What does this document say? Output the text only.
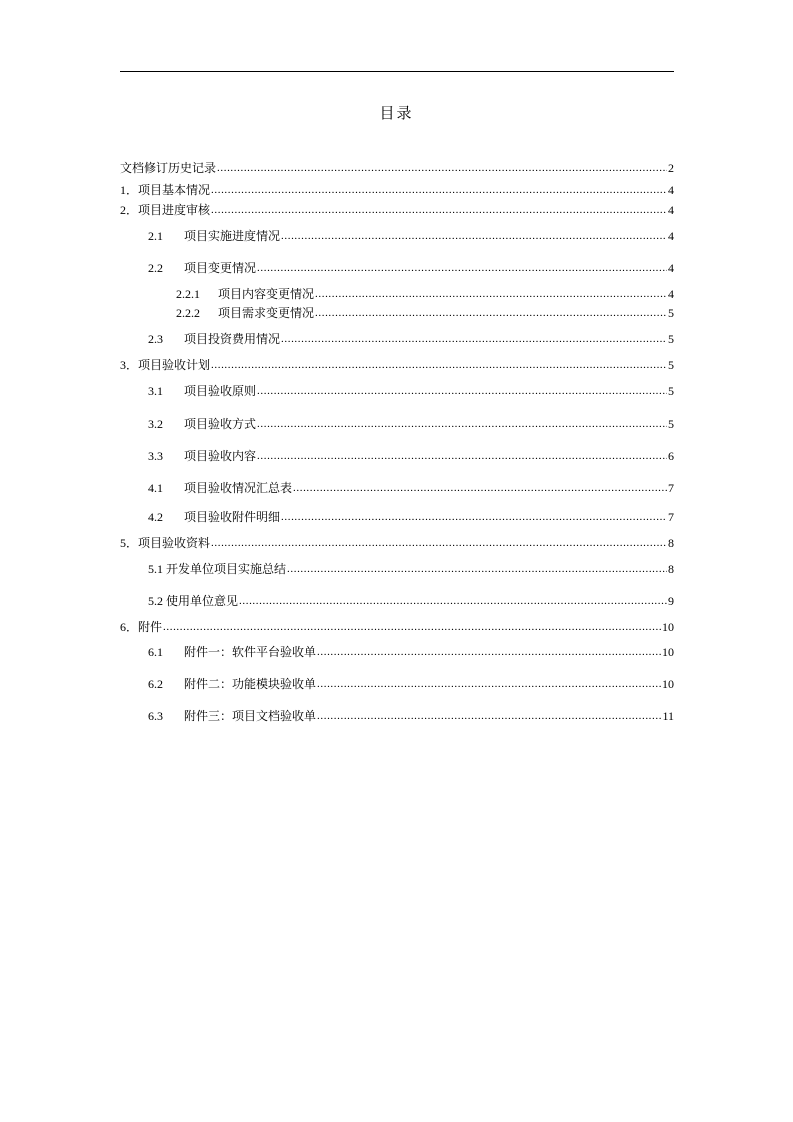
目录
文档修订历史记录 .....	2
1． 项目基本情况 .....	4
2． 项目进度审核 .....	4
2.1	项目实施进度情况 .....	4
2.2	项目变更情况 .....	4
2.2.1	项目内容变更情况 .....	4
2.2.2	项目需求变更情况 .....	5
2.3	项目投资费用情况 .....	5
3． 项目验收计划 .....	5
3.1	项目验收原则 .....	5
3.2	项目验收方式 .....	5
3.3	项目验收内容 .....	6
4.1	项目验收情况汇总表 .....	7
4.2	项目验收附件明细 .....	7
5． 项目验收资料 .....	8
5.1 开发单位项目实施总结 .....	8
5.2 使用单位意见 .....	9
6． 附件 .....	10
6.1	附件一：软件平台验收单 .....	10
6.2	附件二：功能模块验收单 .....	10
6.3	附件三：项目文档验收单 .....	11
